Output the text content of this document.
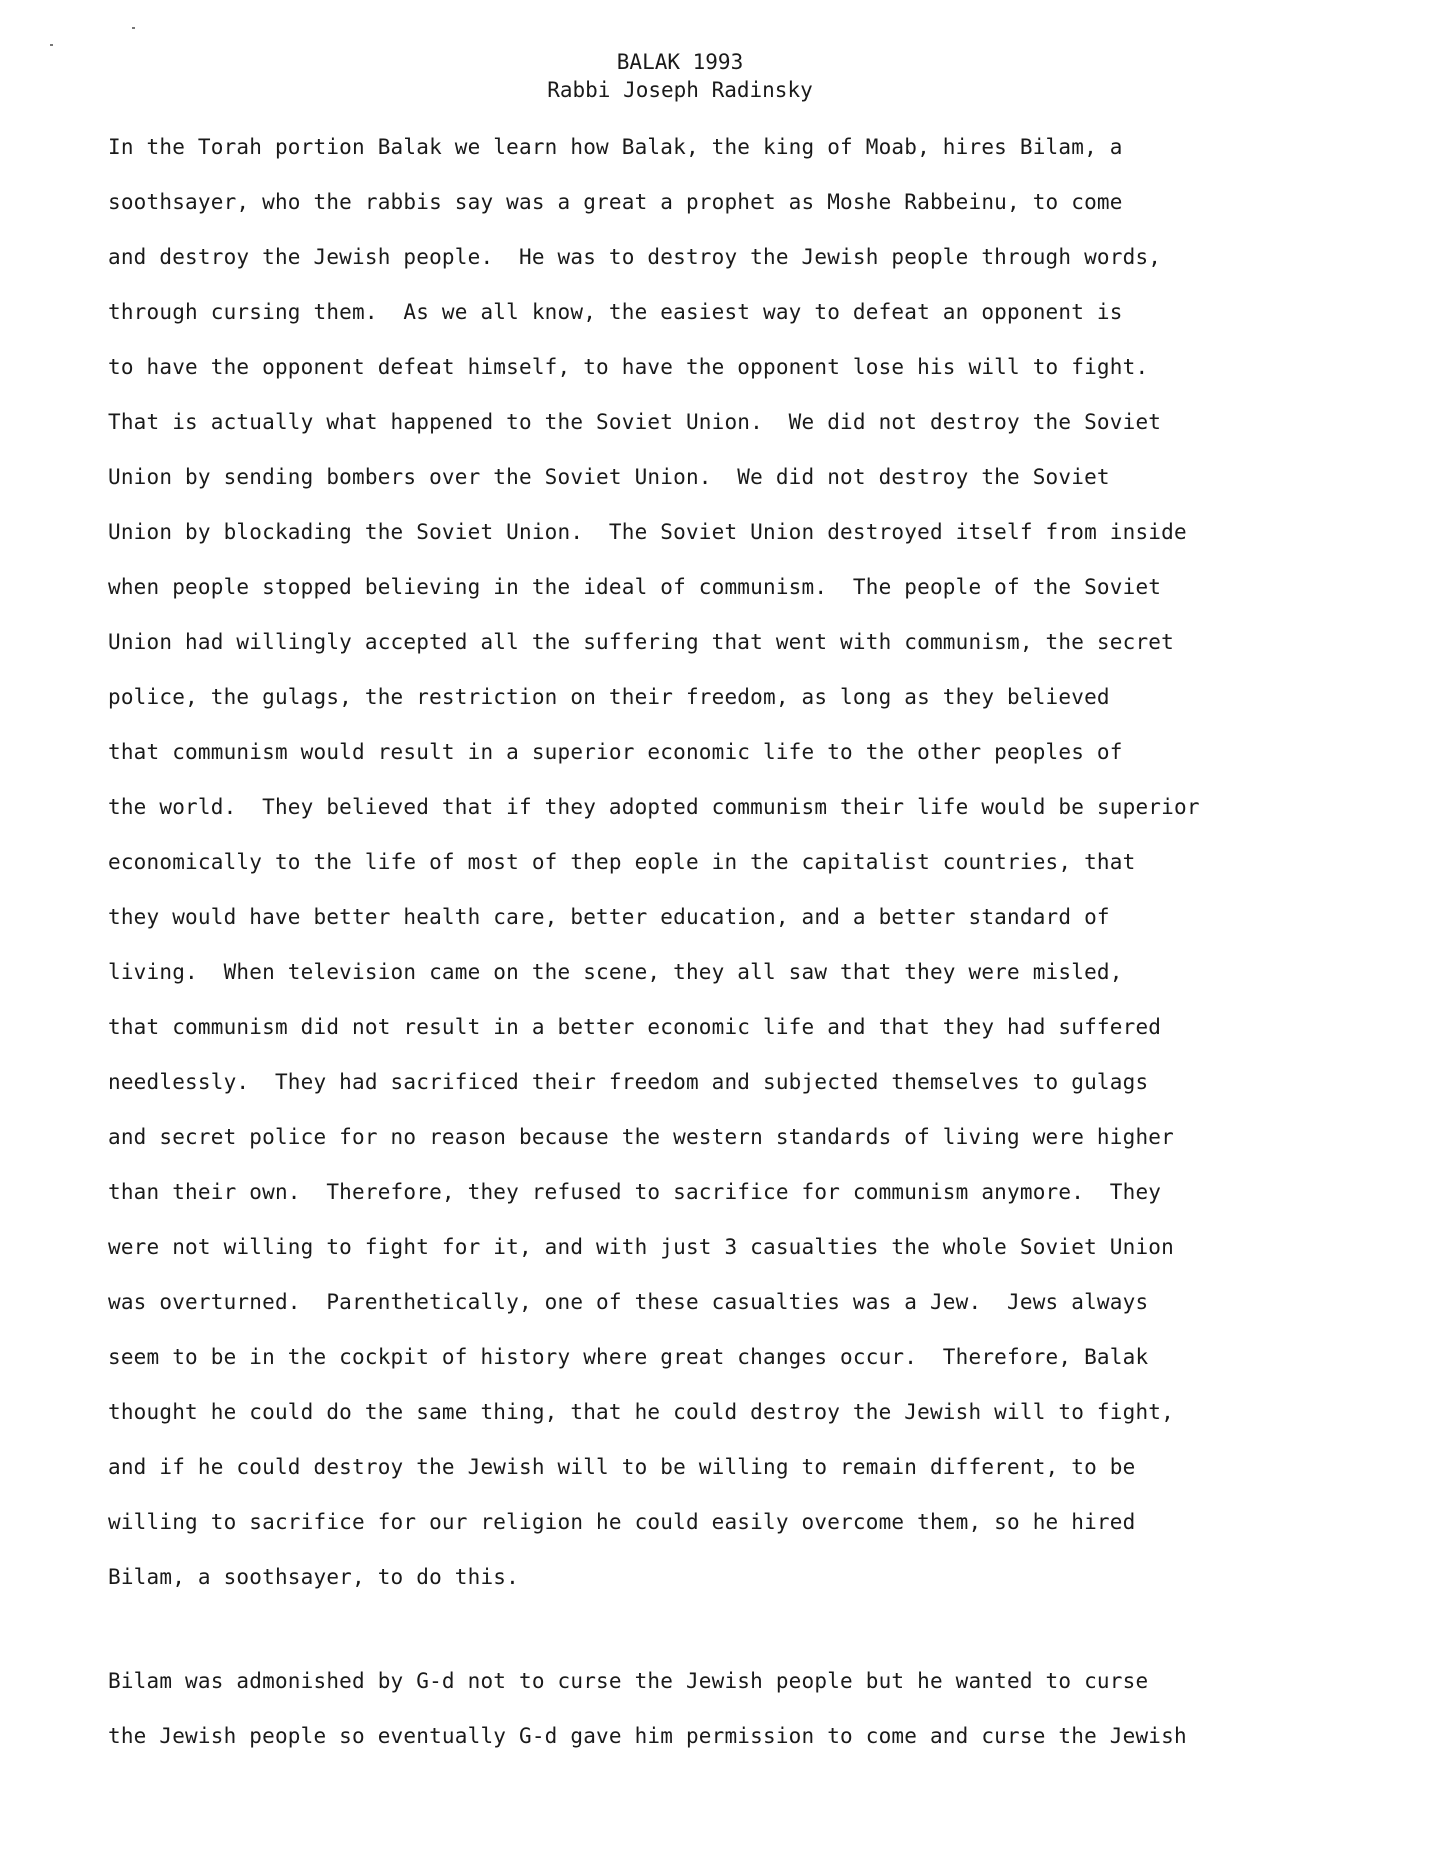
BALAK 1993
Rabbi Joseph Radinsky
In the Torah portion Balak we learn how Balak, the king of Moab, hires Bilam, a
soothsayer, who the rabbis say was a great a prophet as Moshe Rabbeinu, to come
and destroy the Jewish people.  He was to destroy the Jewish people through words,
through cursing them.  As we all know, the easiest way to defeat an opponent is
to have the opponent defeat himself, to have the opponent lose his will to fight.
That is actually what happened to the Soviet Union.  We did not destroy the Soviet
Union by sending bombers over the Soviet Union.  We did not destroy the Soviet
Union by blockading the Soviet Union.  The Soviet Union destroyed itself from inside
when people stopped believing in the ideal of communism.  The people of the Soviet
Union had willingly accepted all the suffering that went with communism, the secret
police, the gulags, the restriction on their freedom, as long as they believed
that communism would result in a superior economic life to the other peoples of
the world.  They believed that if they adopted communism their life would be superior
economically to the life of most of thep eople in the capitalist countries, that
they would have better health care, better education, and a better standard of
living.  When television came on the scene, they all saw that they were misled,
that communism did not result in a better economic life and that they had suffered
needlessly.  They had sacrificed their freedom and subjected themselves to gulags
and secret police for no reason because the western standards of living were higher
than their own.  Therefore, they refused to sacrifice for communism anymore.  They
were not willing to fight for it, and with just 3 casualties the whole Soviet Union
was overturned.  Parenthetically, one of these casualties was a Jew.  Jews always
seem to be in the cockpit of history where great changes occur.  Therefore, Balak
thought he could do the same thing, that he could destroy the Jewish will to fight,
and if he could destroy the Jewish will to be willing to remain different, to be
willing to sacrifice for our religion he could easily overcome them, so he hired
Bilam, a soothsayer, to do this.
Bilam was admonished by G-d not to curse the Jewish people but he wanted to curse
the Jewish people so eventually G-d gave him permission to come and curse the Jewish
